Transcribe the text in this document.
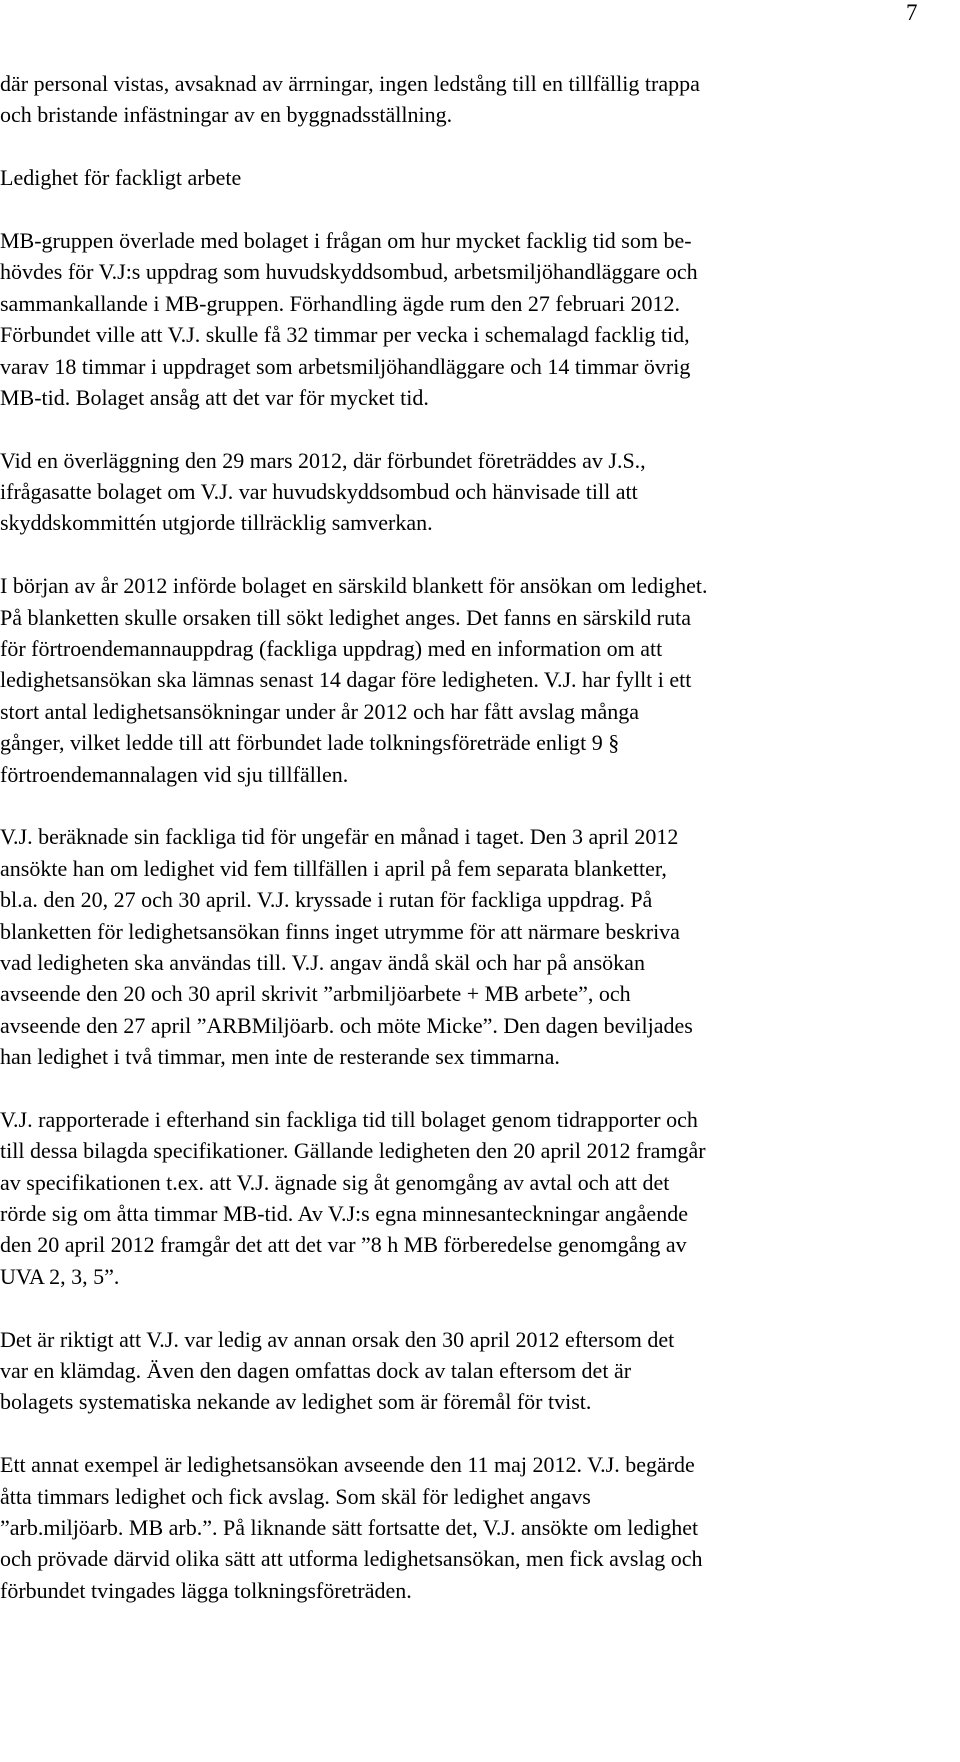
7
där personal vistas, avsaknad av ärrningar, ingen ledstång till en tillfällig trappa
och bristande infästningar av en byggnadsställning.
Ledighet för fackligt arbete
MB-gruppen överlade med bolaget i frågan om hur mycket facklig tid som be-
hövdes för V.J:s uppdrag som huvudskyddsombud, arbetsmiljöhandläggare och
sammankallande i MB-gruppen. Förhandling ägde rum den 27 februari 2012.
Förbundet ville att V.J. skulle få 32 timmar per vecka i schemalagd facklig tid,
varav 18 timmar i uppdraget som arbetsmiljöhandläggare och 14 timmar övrig
MB-tid. Bolaget ansåg att det var för mycket tid.
Vid en överläggning den 29 mars 2012, där förbundet företräddes av J.S.,
ifrågasatte bolaget om V.J. var huvudskyddsombud och hänvisade till att
skyddskommittén utgjorde tillräcklig samverkan.
I början av år 2012 införde bolaget en särskild blankett för ansökan om ledighet.
På blanketten skulle orsaken till sökt ledighet anges. Det fanns en särskild ruta
för förtroendemannauppdrag (fackliga uppdrag) med en information om att
ledighetsansökan ska lämnas senast 14 dagar före ledigheten. V.J. har fyllt i ett
stort antal ledighetsansökningar under år 2012 och har fått avslag många
gånger, vilket ledde till att förbundet lade tolkningsföreträde enligt 9 §
förtroendemannalagen vid sju tillfällen.
V.J. beräknade sin fackliga tid för ungefär en månad i taget. Den 3 april 2012
ansökte han om ledighet vid fem tillfällen i april på fem separata blanketter,
bl.a. den 20, 27 och 30 april. V.J. kryssade i rutan för fackliga uppdrag. På
blanketten för ledighetsansökan finns inget utrymme för att närmare beskriva
vad ledigheten ska användas till. V.J. angav ändå skäl och har på ansökan
avseende den 20 och 30 april skrivit ”arbmiljöarbete + MB arbete”, och
avseende den 27 april ”ARBMiljöarb. och möte Micke”. Den dagen beviljades
han ledighet i två timmar, men inte de resterande sex timmarna.
V.J. rapporterade i efterhand sin fackliga tid till bolaget genom tidrapporter och
till dessa bilagda specifikationer. Gällande ledigheten den 20 april 2012 framgår
av specifikationen t.ex. att V.J. ägnade sig åt genomgång av avtal och att det
rörde sig om åtta timmar MB-tid. Av V.J:s egna minnesanteckningar angående
den 20 april 2012 framgår det att det var ”8 h MB förberedelse genomgång av
UVA 2, 3, 5”.
Det är riktigt att V.J. var ledig av annan orsak den 30 april 2012 eftersom det
var en klämdag. Även den dagen omfattas dock av talan eftersom det är
bolagets systematiska nekande av ledighet som är föremål för tvist.
Ett annat exempel är ledighetsansökan avseende den 11 maj 2012. V.J. begärde
åtta timmars ledighet och fick avslag. Som skäl för ledighet angavs
”arb.miljöarb. MB arb.”. På liknande sätt fortsatte det, V.J. ansökte om ledighet
och prövade därvid olika sätt att utforma ledighetsansökan, men fick avslag och
förbundet tvingades lägga tolkningsföreträden.
